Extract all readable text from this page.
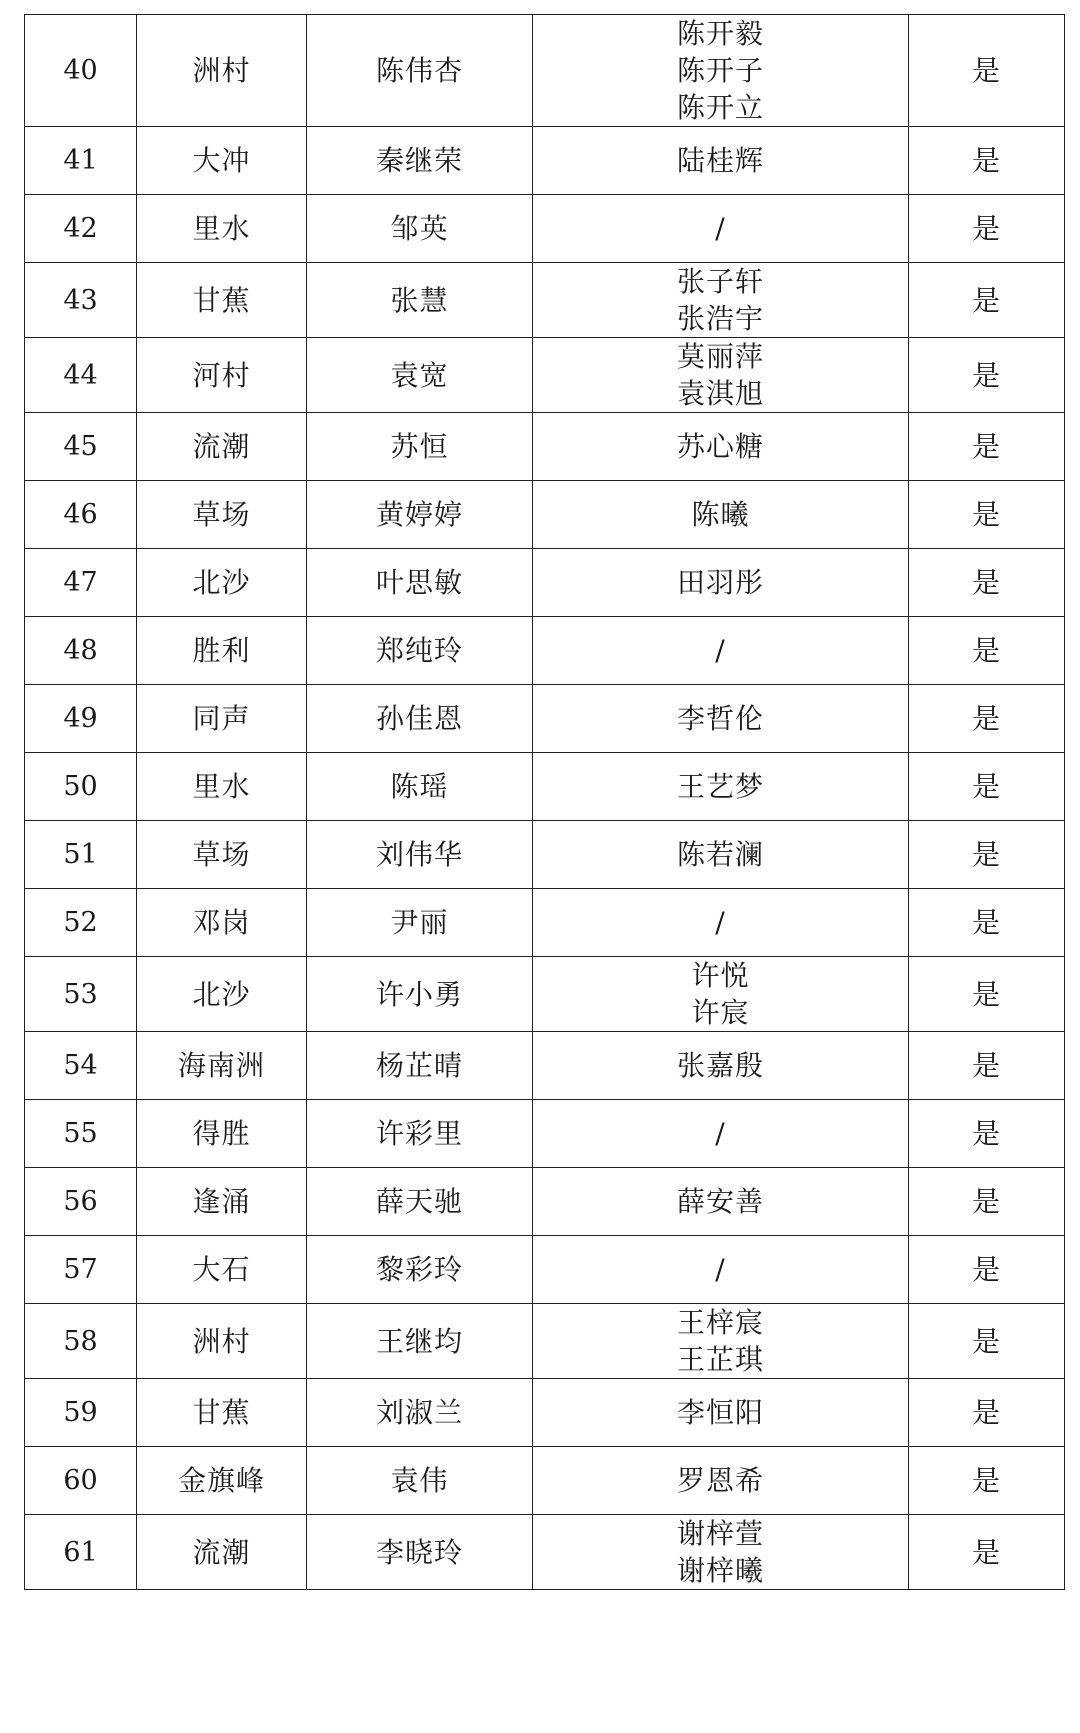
40	洲村	陈伟杏	陈开毅
陈开子
陈开立	是
41	大冲	秦继荣	陆桂辉	是
42	里水	邹英	/	是
43	甘蕉	张慧	张子轩
张浩宇	是
44	河村	袁宽	莫丽萍
袁淇旭	是
45	流潮	苏恒	苏心糖	是
46	草场	黄婷婷	陈曦	是
47	北沙	叶思敏	田羽彤	是
48	胜利	郑纯玲	/	是
49	同声	孙佳恩	李哲伦	是
50	里水	陈瑶	王艺梦	是
51	草场	刘伟华	陈若澜	是
52	邓岗	尹丽	/	是
53	北沙	许小勇	许悦
许宸	是
54	海南洲	杨芷晴	张嘉殷	是
55	得胜	许彩里	/	是
56	逢涌	薛天驰	薛安善	是
57	大石	黎彩玲	/	是
58	洲村	王继均	王梓宸
王芷琪	是
59	甘蕉	刘淑兰	李恒阳	是
60	金旗峰	袁伟	罗恩希	是
61	流潮	李晓玲	谢梓萱
谢梓曦	是
